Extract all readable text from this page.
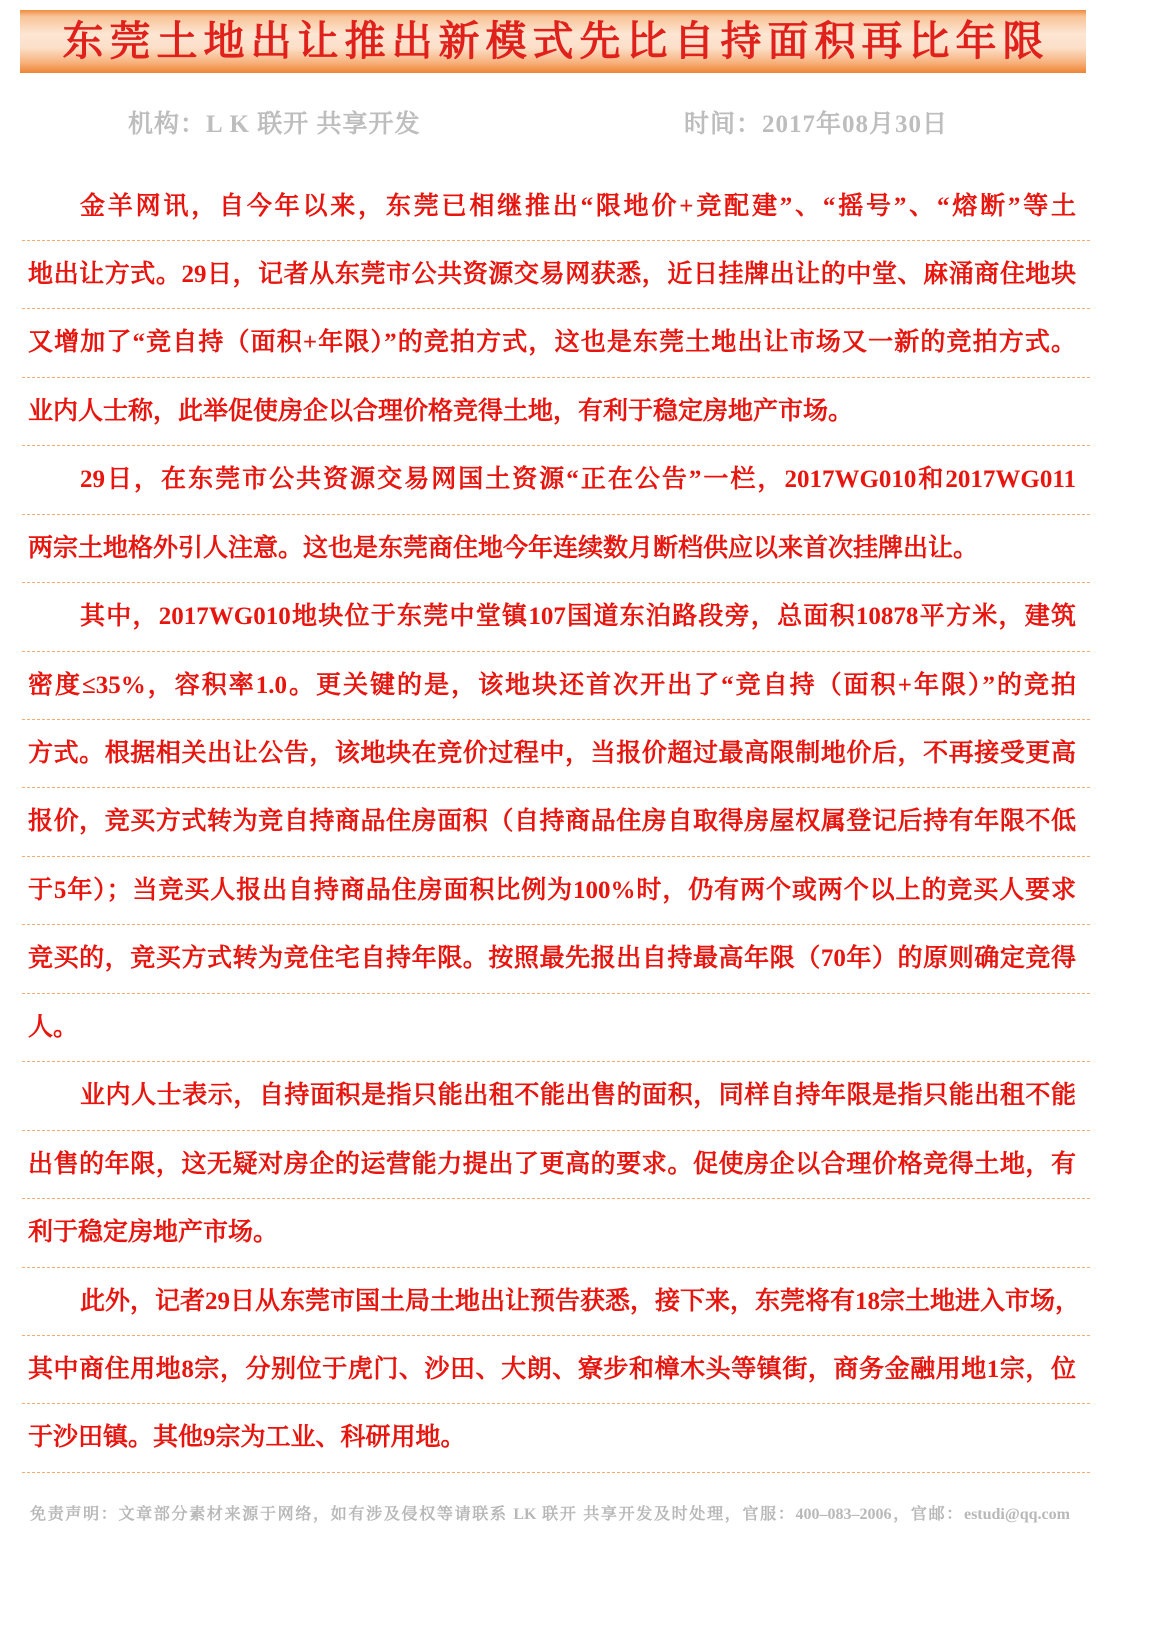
东莞土地出让推出新模式先比自持面积再比年限
机构：L K 联开 共享开发	时间：2017年08月30日
金羊网讯，自今年以来，东莞已相继推出“限地价+竞配建”、“摇号”、“熔断”等土
地出让方式。29日，记者从东莞市公共资源交易网获悉，近日挂牌出让的中堂、麻涌商住地块
又增加了“竞自持（面积+年限）”的竞拍方式，这也是东莞土地出让市场又一新的竞拍方式。
业内人士称，此举促使房企以合理价格竞得土地，有利于稳定房地产市场。
29日，在东莞市公共资源交易网国土资源“正在公告”一栏，2017WG010和2017WG011
两宗土地格外引人注意。这也是东莞商住地今年连续数月断档供应以来首次挂牌出让。
其中，2017WG010地块位于东莞中堂镇107国道东泊路段旁，总面积10878平方米，建筑
密度≤35%，容积率1.0。更关键的是，该地块还首次开出了“竞自持（面积+年限）”的竞拍
方式。根据相关出让公告，该地块在竞价过程中，当报价超过最高限制地价后，不再接受更高
报价，竞买方式转为竞自持商品住房面积（自持商品住房自取得房屋权属登记后持有年限不低
于5年）；当竞买人报出自持商品住房面积比例为100%时，仍有两个或两个以上的竞买人要求
竞买的，竞买方式转为竞住宅自持年限。按照最先报出自持最高年限（70年）的原则确定竞得
人。
业内人士表示，自持面积是指只能出租不能出售的面积，同样自持年限是指只能出租不能
出售的年限，这无疑对房企的运营能力提出了更高的要求。促使房企以合理价格竞得土地，有
利于稳定房地产市场。
此外，记者29日从东莞市国土局土地出让预告获悉，接下来，东莞将有18宗土地进入市场，
其中商住用地8宗，分别位于虎门、沙田、大朗、寮步和樟木头等镇街，商务金融用地1宗，位
于沙田镇。其他9宗为工业、科研用地。
免责声明：文章部分素材来源于网络，如有涉及侵权等请联系 LK 联开 共享开发及时处理，官服：400–083–2006，官邮：estudi@qq.com
